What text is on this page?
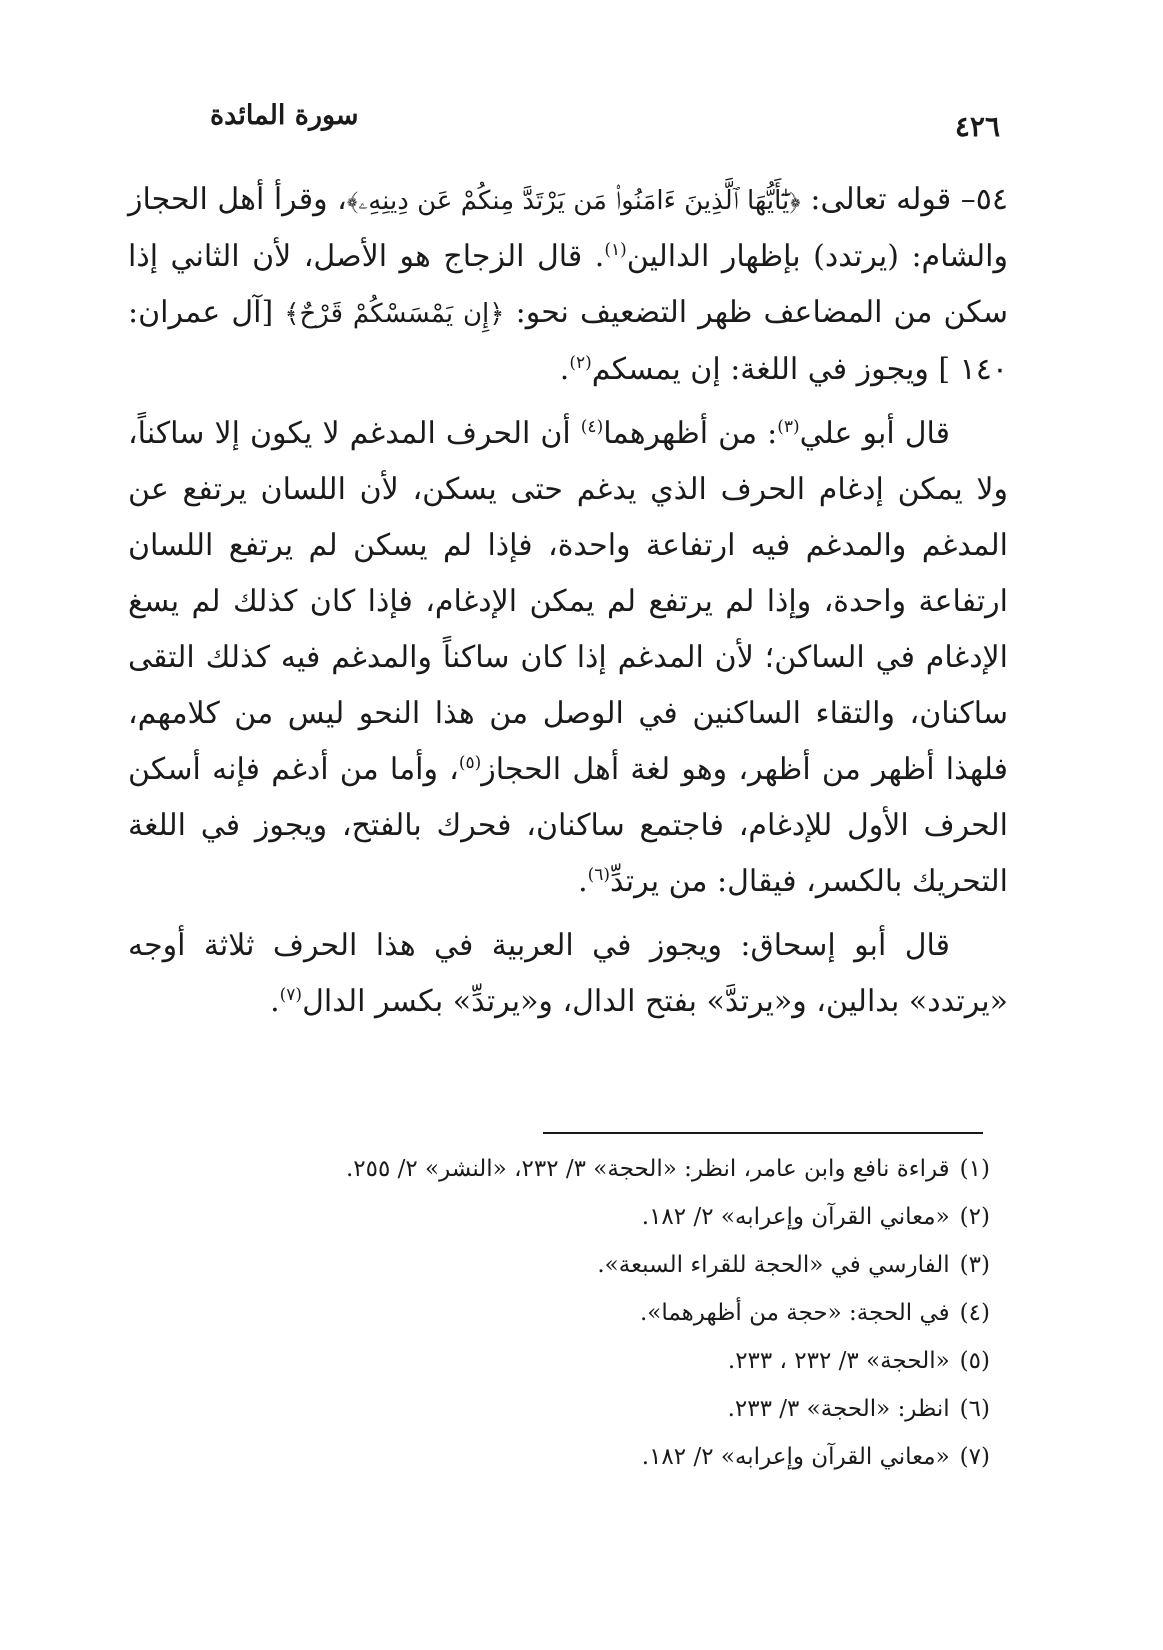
٤٢٦
سورة المائدة

٥٤– قوله تعالى: ﴿يَٰٓأَيُّهَا ٱلَّذِينَ ءَامَنُوا۟ مَن يَرْتَدَّ مِنكُمْ عَن دِينِهِۦ﴾، وقرأ أهل الحجاز والشام: (يرتدد) بإظهار الدالين$^{(١)}$. قال الزجاج هو الأصل، لأن الثاني إذا سكن من المضاعف ظهر التضعيف نحو: ﴿إِن يَمْسَسْكُمْ قَرْحٌ﴾ [آل عمران: ١٤٠ ] ويجوز في اللغة: إن يمسكم$^{(٢)}$.

قال أبو علي$^{(٣)}$: من أظهرهما$^{(٤)}$ أن الحرف المدغم لا يكون إلا ساكناً، ولا يمكن إدغام الحرف الذي يدغم حتى يسكن، لأن اللسان يرتفع عن المدغم والمدغم فيه ارتفاعة واحدة، فإذا لم يسكن لم يرتفع اللسان ارتفاعة واحدة، وإذا لم يرتفع لم يمكن الإدغام، فإذا كان كذلك لم يسغ الإدغام في الساكن؛ لأن المدغم إذا كان ساكناً والمدغم فيه كذلك التقى ساكنان، والتقاء الساكنين في الوصل من هذا النحو ليس من كلامهم، فلهذا أظهر من أظهر، وهو لغة أهل الحجاز$^{(٥)}$، وأما من أدغم فإنه أسكن الحرف الأول للإدغام، فاجتمع ساكنان، فحرك بالفتح، ويجوز في اللغة التحريك بالكسر، فيقال: من يرتدِّ$^{(٦)}$.

قال أبو إسحاق: ويجوز في العربية في هذا الحرف ثلاثة أوجه «يرتدد» بدالين، و«يرتدَّ» بفتح الدال، و«يرتدِّ» بكسر الدال$^{(٧)}$.

(١)قراءة نافع وابن عامر، انظر: «الحجة» ٣/ ٢٣٢، «النشر» ٢/ ٢٥٥.
(٢)«معاني القرآن وإعرابه» ٢/ ١٨٢.
(٣)الفارسي في «الحجة للقراء السبعة».
(٤)في الحجة: «حجة من أظهرهما».
(٥)«الحجة» ٣/ ٢٣٢ ، ٢٣٣.
(٦)انظر: «الحجة» ٣/ ٢٣٣.
(٧)«معاني القرآن وإعرابه» ٢/ ١٨٢.
